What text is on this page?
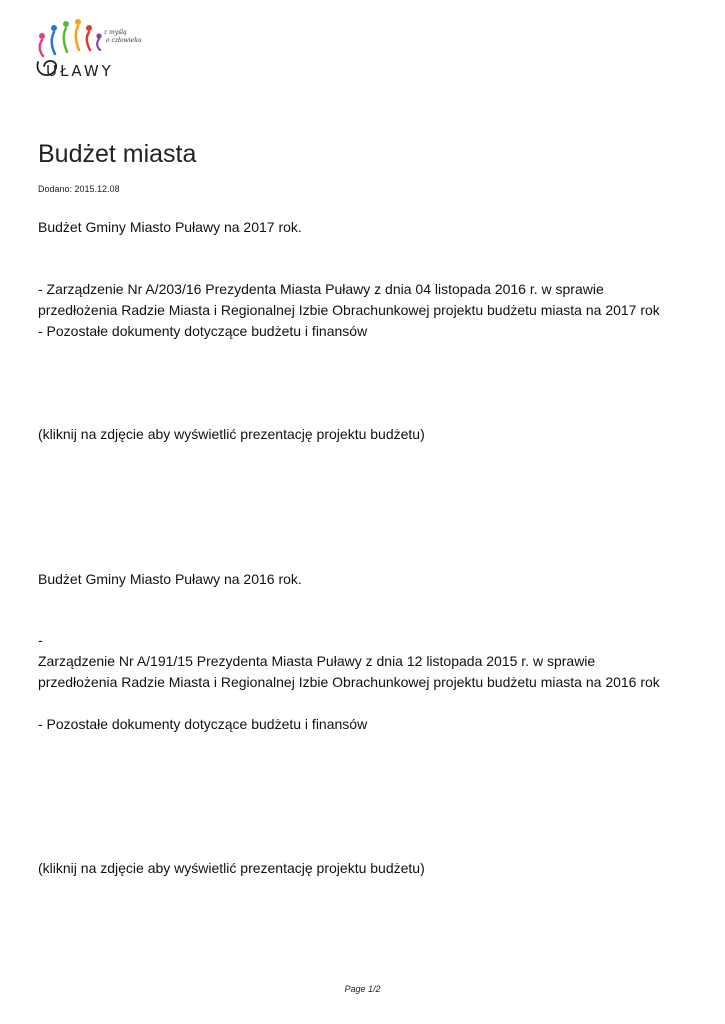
UŁAWY
z myślą
o człowieku
Budżet miasta
Dodano: 2015.12.08
Budżet Gminy Miasto Puławy na 2017 rok.
- Zarządzenie Nr A/203/16 Prezydenta Miasta Puławy z dnia 04 listopada 2016 r. w sprawie
przedłożenia Radzie Miasta i Regionalnej Izbie Obrachunkowej projektu budżetu miasta na 2017 rok
- Pozostałe dokumenty dotyczące budżetu i finansów
(kliknij na zdjęcie aby wyświetlić prezentację projektu budżetu)
Budżet Gminy Miasto Puławy na 2016 rok.
-
Zarządzenie Nr A/191/15 Prezydenta Miasta Puławy z dnia 12 listopada 2015 r. w sprawie
przedłożenia Radzie Miasta i Regionalnej Izbie Obrachunkowej projektu budżetu miasta na 2016 rok
- Pozostałe dokumenty dotyczące budżetu i finansów
(kliknij na zdjęcie aby wyświetlić prezentację projektu budżetu)
Page 1/2
